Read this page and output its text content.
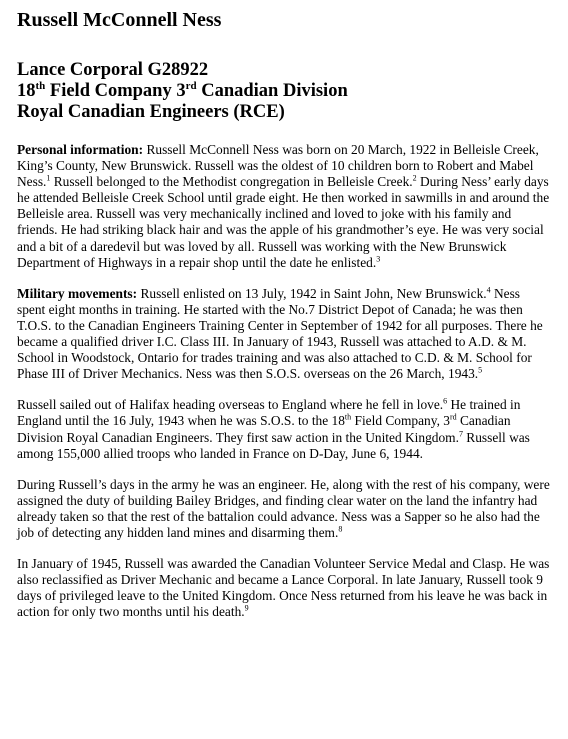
Russell McConnell Ness
Lance Corporal G28922
18th Field Company 3rd Canadian Division
Royal Canadian Engineers (RCE)

Personal information: Russell McConnell Ness was born on 20 March, 1922 in Belleisle Creek, King’s County, New Brunswick. Russell was the oldest of 10 children born to Robert and Mabel Ness.$^1$ Russell belonged to the Methodist congregation in Belleisle Creek.$^2$ During Ness’ early days he attended Belleisle Creek School until grade eight. He then worked in sawmills in and around the Belleisle area. Russell was very mechanically inclined and loved to joke with his family and friends. He had striking black hair and was the apple of his grandmother’s eye. He was very social and a bit of a daredevil but was loved by all. Russell was working with the New Brunswick Department of Highways in a repair shop until the date he enlisted.$^3$

Military movements: Russell enlisted on 13 July, 1942 in Saint John, New Brunswick.$^4$ Ness spent eight months in training. He started with the No.7 District Depot of Canada; he was then T.O.S. to the Canadian Engineers Training Center in September of 1942 for all purposes. There he became a qualified driver I.C. Class III. In January of 1943, Russell was attached to A.D. & M. School in Woodstock, Ontario for trades training and was also attached to C.D. & M. School for Phase III of Driver Mechanics. Ness was then S.O.S. overseas on the 26 March, 1943.$^5$

Russell sailed out of Halifax heading overseas to England where he fell in love.$^6$ He trained in England until the 16 July, 1943 when he was S.O.S. to the 18th Field Company, 3rd Canadian Division Royal Canadian Engineers. They first saw action in the United Kingdom.$^7$ Russell was among 155,000 allied troops who landed in France on D-Day, June 6, 1944.

During Russell’s days in the army he was an engineer. He, along with the rest of his company, were assigned the duty of building Bailey Bridges, and finding clear water on the land the infantry had already taken so that the rest of the battalion could advance. Ness was a Sapper so he also had the job of detecting any hidden land mines and disarming them.$^8$

In January of 1945, Russell was awarded the Canadian Volunteer Service Medal and Clasp. He was also reclassified as Driver Mechanic and became a Lance Corporal. In late January, Russell took 9 days of privileged leave to the United Kingdom. Once Ness returned from his leave he was back in action for only two months until his death.$^9$
